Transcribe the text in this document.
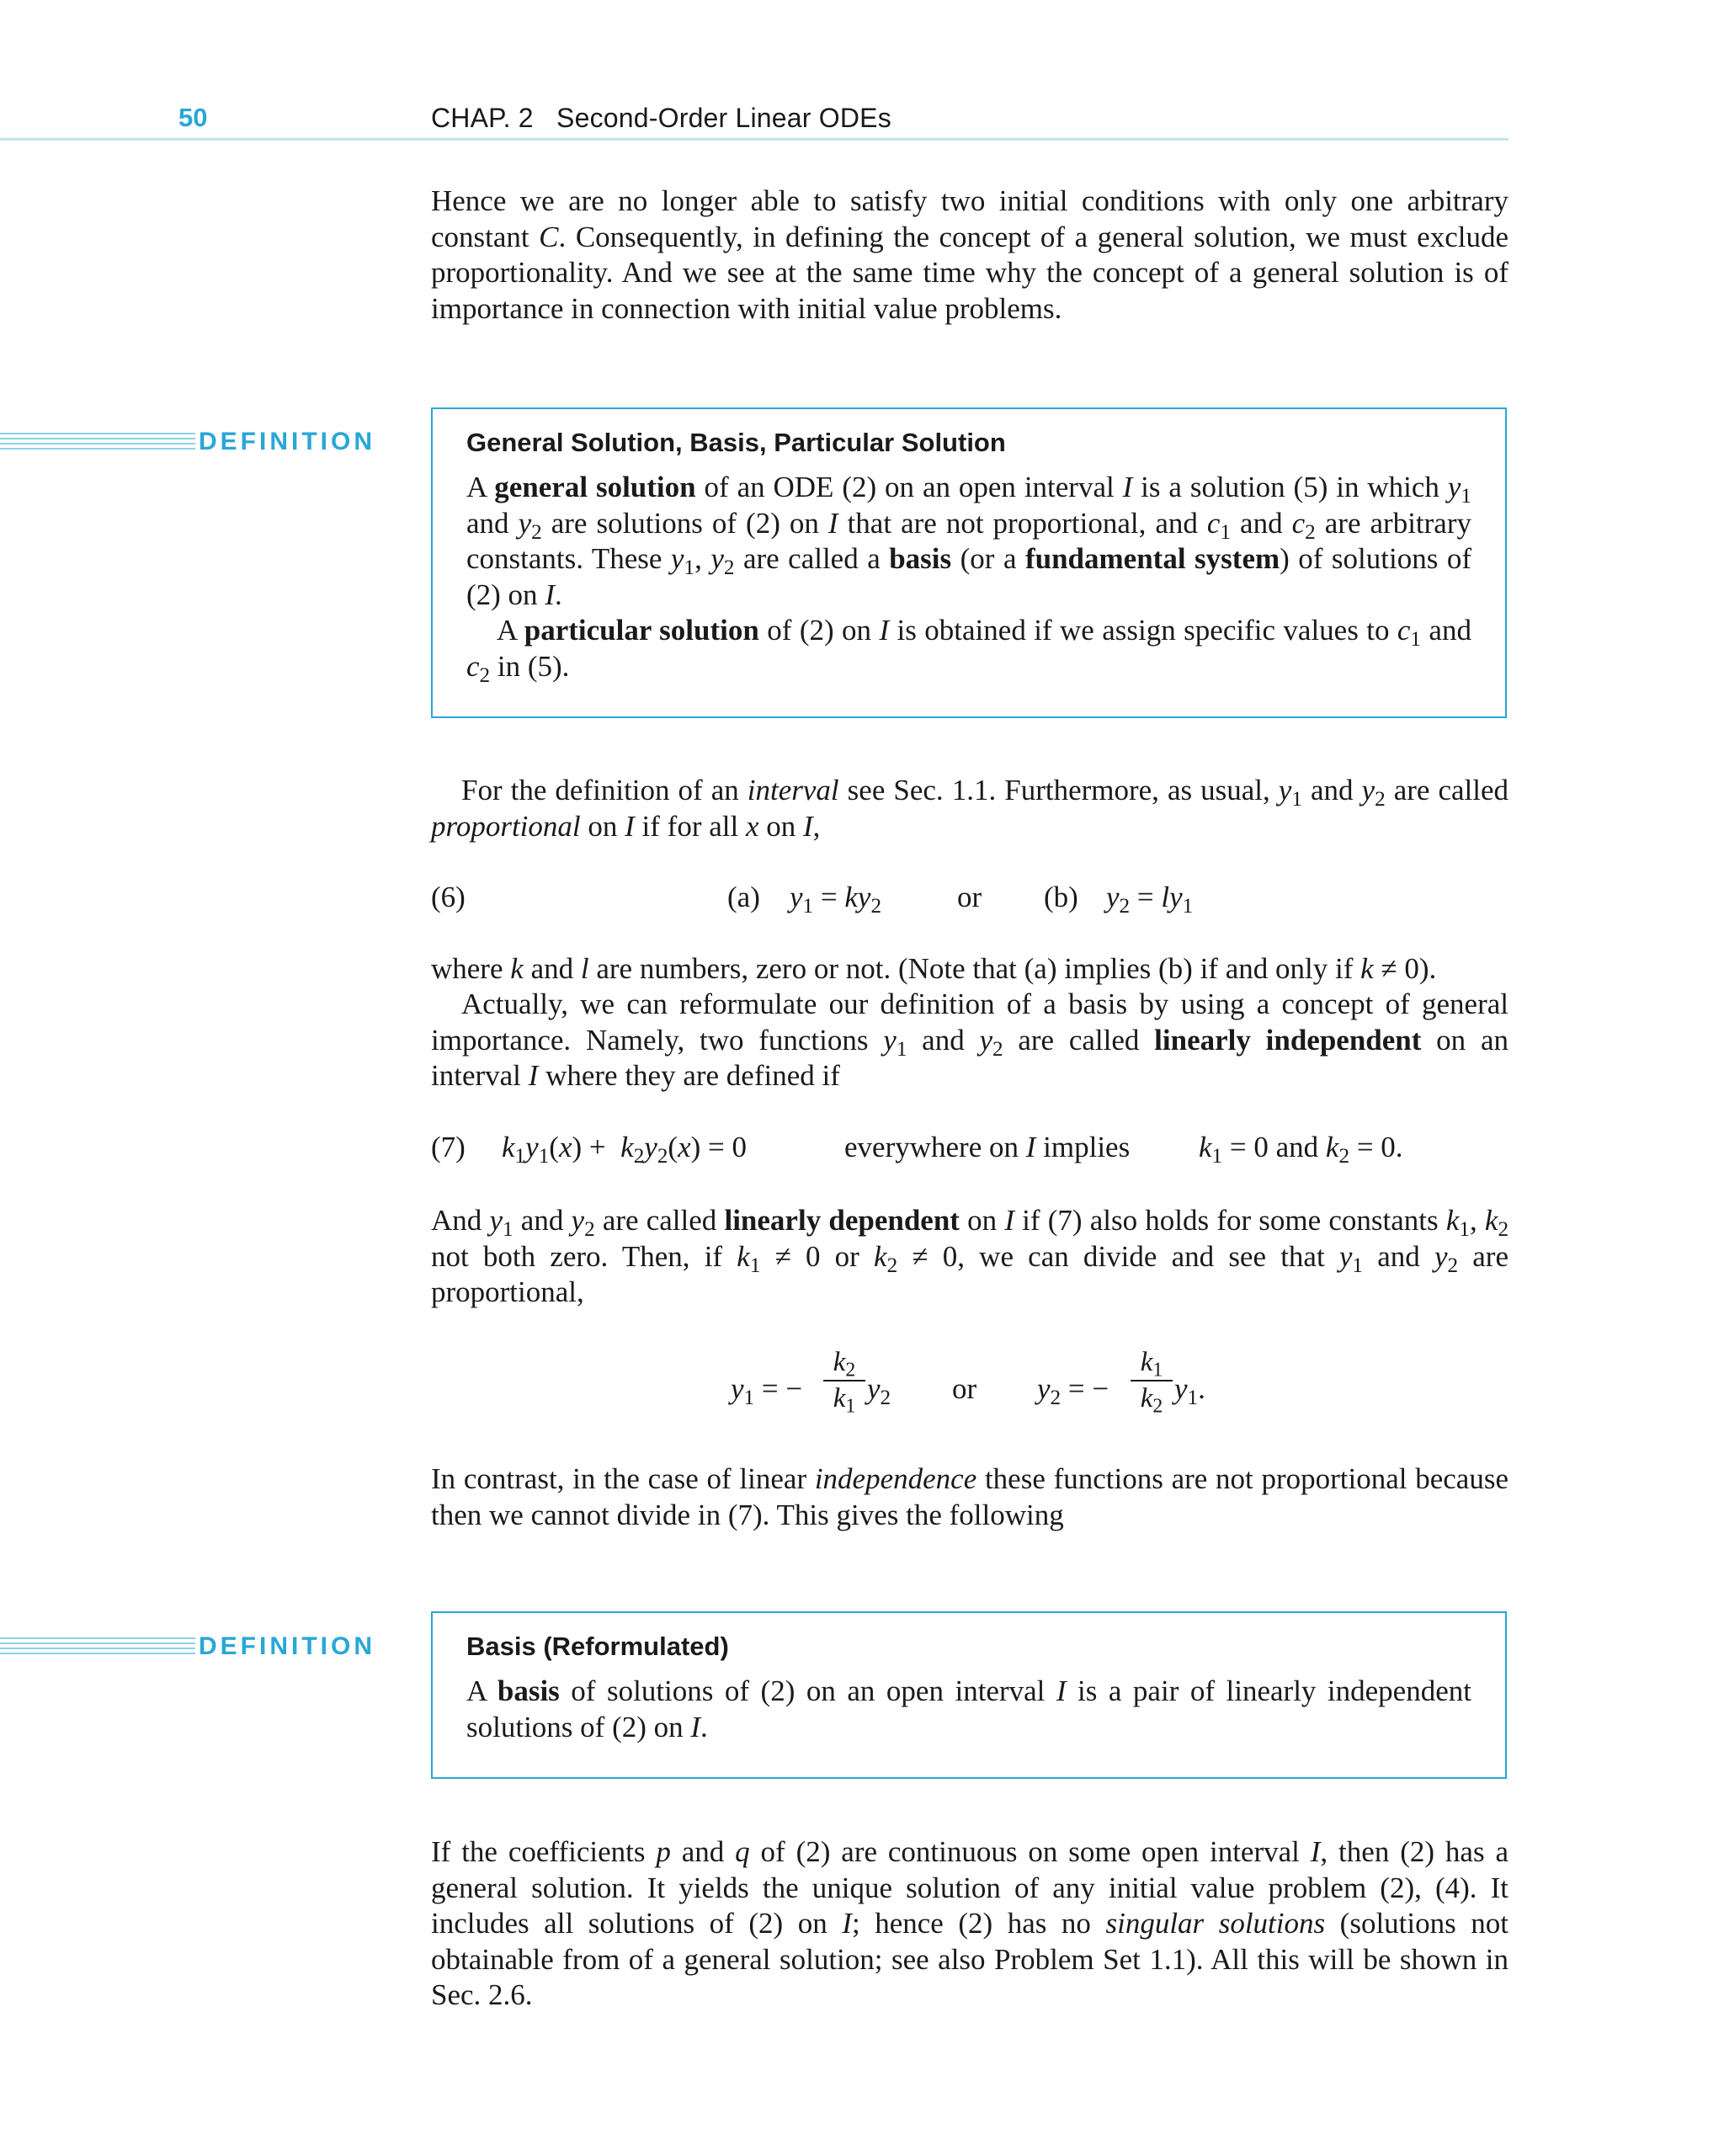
50	CHAP. 2   Second-Order Linear ODEs

Hence we are no longer able to satisfy two initial conditions with only one arbitrary constant C. Consequently, in defining the concept of a general solution, we must exclude proportionality. And we see at the same time why the concept of a general solution is of importance in connection with initial value problems.

DEFINITION	General Solution, Basis, Particular Solution

A general solution of an ODE (2) on an open interval I is a solution (5) in which $y_1$ and $y_2$ are solutions of (2) on I that are not proportional, and $c_1$ and $c_2$ are arbitrary constants. These $y_1$, $y_2$ are called a basis (or a fundamental system) of solutions of (2) on I.

A particular solution of (2) on I is obtained if we assign specific values to $c_1$ and $c_2$ in (5).

For the definition of an interval see Sec. 1.1. Furthermore, as usual, $y_1$ and $y_2$ are called proportional on I if for all x on I,

(6)	(a) $y_1 = ky_2$	or (b) $y_2 = ly_1$

where k and l are numbers, zero or not. (Note that (a) implies (b) if and only if k ≠ 0).

Actually, we can reformulate our definition of a basis by using a concept of general importance. Namely, two functions $y_1$ and $y_2$ are called linearly independent on an interval I where they are defined if

(7) $k_1y_1(x) + k_2y_2(x) = 0$	everywhere on I implies $k_1 = 0$ and $k_2 = 0$.

And $y_1$ and $y_2$ are called linearly dependent on I if (7) also holds for some constants $k_1$, $k_2$ not both zero. Then, if $k_1 \ne 0$ or $k_2 \ne 0$, we can divide and see that $y_1$ and $y_2$ are proportional,

$y_1$ = −
$k_2$
$k_1$
$y_2$ or $y_2$ = −
$k_1$
$k_2$
$y_1$.

In contrast, in the case of linear independence these functions are not proportional because then we cannot divide in (7). This gives the following

DEFINITION	Basis (Reformulated)

A basis of solutions of (2) on an open interval I is a pair of linearly independent solutions of (2) on I.

If the coefficients p and q of (2) are continuous on some open interval I, then (2) has a general solution. It yields the unique solution of any initial value problem (2), (4). It includes all solutions of (2) on I; hence (2) has no singular solutions (solutions not obtainable from of a general solution; see also Problem Set 1.1). All this will be shown in Sec. 2.6.
